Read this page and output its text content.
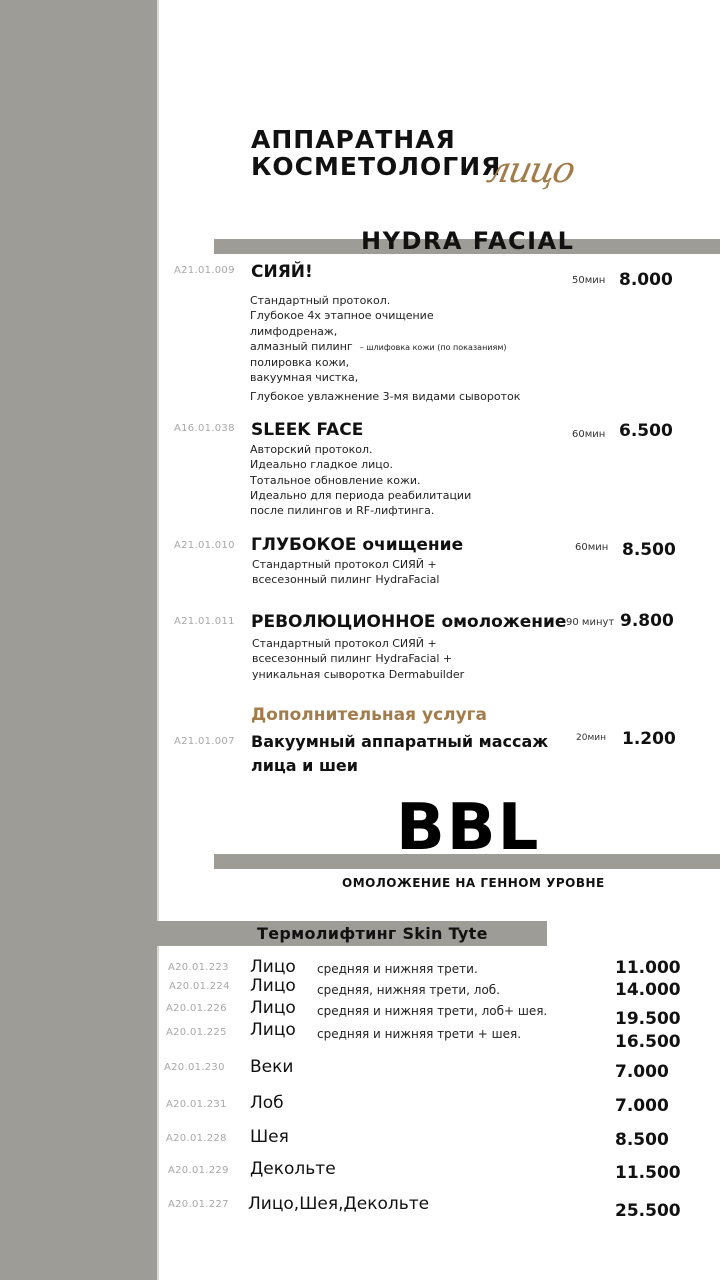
АППАРАТНАЯ
КОСМЕТОЛОГИЯ
лицо
HYDRA FACIAL
A21.01.009 СИЯЙ!	50мин 8.000
Стандартный протокол.
Глубокое 4х этапное очищение
лимфодренаж,
алмазный пилинг – шлифовка кожи (по показаниям)
полировка кожи,
вакуумная чистка,
Глубокое увлажнение 3-мя видами сывороток
A16.01.038 SLEEK FACE	60мин 6.500
Авторский протокол.
Идеально гладкое лицо.
Тотальное обновление кожи.
Идеально для периода реабилитации
после пилингов и RF-лифтинга.
A21.01.010 ГЛУБОКОЕ очищение	60мин 8.500
Стандартный протокол СИЯЙ +
всесезонный пилинг HydraFacial
A21.01.011 РЕВОЛЮЦИОННОЕ омоложение 90 минут 9.800
Стандартный протокол СИЯЙ +
всесезонный пилинг HydraFacial +
уникальная сыворотка Dermabuilder
Дополнительная услуга
A21.01.007 Вакуумный аппаратный массаж
лица и шеи
20мин 1.200
BBL
ОМОЛОЖЕНИЕ НА ГЕННОМ УРОВНЕ
Термолифтинг Skin Tyte
A20.01.223 Лицо средняя и нижняя трети.	11.000
A20.01.224 Лицо средняя, нижняя трети, лоб.	14.000
A20.01.226 Лицо средняя и нижняя трети, лоб+ шея.	19.500
A20.01.225 Лицо средняя и нижняя трети + шея.	16.500
A20.01.230 Веки	7.000
A20.01.231 Лоб	7.000
A20.01.228 Шея	8.500
A20.01.229 Декольте	11.500
A20.01.227 Лицо,Шея,Декольте	25.500
